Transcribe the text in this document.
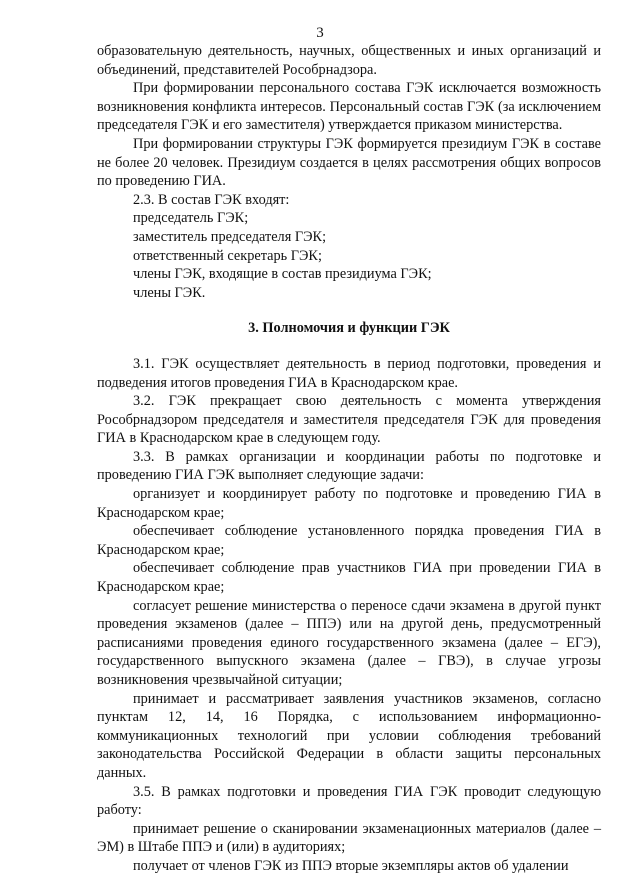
3

образовательную деятельность, научных, общественных и иных организаций и объединений, представителей Рособрнадзора.

При формировании персонального состава ГЭК исключается возможность возникновения конфликта интересов. Персональный состав ГЭК (за исключением председателя ГЭК и его заместителя) утверждается приказом министерства.

При формировании структуры ГЭК формируется президиум ГЭК в составе не более 20 человек. Президиум создается в целях рассмотрения общих вопросов по проведению ГИА.

2.3. В состав ГЭК входят:

председатель ГЭК;

заместитель председателя ГЭК;

ответственный секретарь ГЭК;

члены ГЭК, входящие в состав президиума ГЭК;

члены ГЭК.

3. Полномочия и функции ГЭК

3.1. ГЭК осуществляет деятельность в период подготовки, проведения и подведения итогов проведения ГИА в Краснодарском крае.

3.2. ГЭК прекращает свою деятельность с момента утверждения Рособрнадзором председателя и заместителя председателя ГЭК для проведения ГИА в Краснодарском крае в следующем году.

3.3. В рамках организации и координации работы по подготовке и проведению ГИА ГЭК выполняет следующие задачи:

организует и координирует работу по подготовке и проведению ГИА в Краснодарском крае;

обеспечивает соблюдение установленного порядка проведения ГИА в Краснодарском крае;

обеспечивает соблюдение прав участников ГИА при проведении ГИА в Краснодарском крае;

согласует решение министерства о переносе сдачи экзамена в другой пункт проведения экзаменов (далее – ППЭ) или на другой день, предусмотренный расписаниями проведения единого государственного экзамена (далее – ЕГЭ), государственного выпускного экзамена (далее – ГВЭ), в случае угрозы возникновения чрезвычайной ситуации;

принимает и рассматривает заявления участников экзаменов, согласно пунктам 12, 14, 16 Порядка, с использованием информационно-коммуникационных технологий при условии соблюдения требований законодательства Российской Федерации в области защиты персональных данных.

3.5. В рамках подготовки и проведения ГИА ГЭК проводит следующую работу:

принимает решение о сканировании экзаменационных материалов (далее – ЭМ) в Штабе ППЭ и (или) в аудиториях;

получает от членов ГЭК из ППЭ вторые экземпляры актов об удалении
